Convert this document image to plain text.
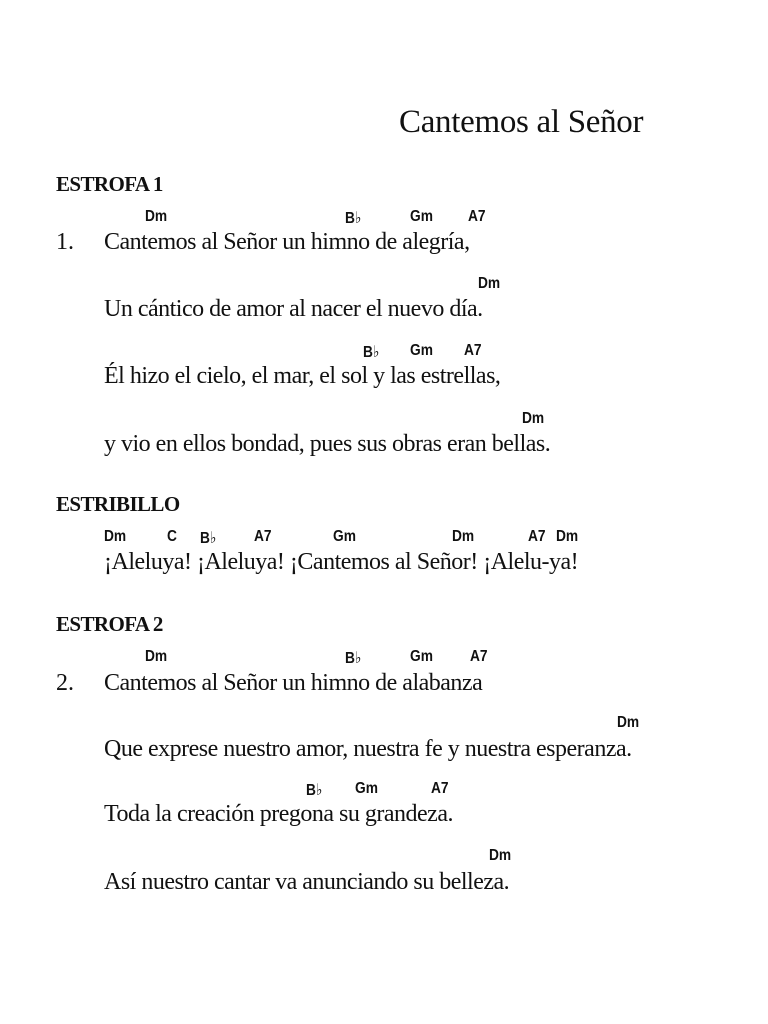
Cantemos al Señor
ESTROFA 1
Dm	B♭	Gm A7
1. Cantemos al Señor un himno de alegría,
Dm
Un cántico de amor al nacer el nuevo día.
B♭ Gm A7
Él hizo el cielo, el mar, el sol y las estrellas,
Dm
y vio en ellos bondad, pues sus obras eran bellas.
ESTRIBILLO
Dm	C B♭ A7	Gm	Dm	A7 Dm
¡Aleluya! ¡Aleluya! ¡Cantemos al Señor! ¡Alelu-ya!
ESTROFA 2
Dm	B♭	Gm A7
2. Cantemos al Señor un himno de alabanza
Dm
Que exprese nuestro amor, nuestra fe y nuestra esperanza.
B♭ Gm	A7
Toda la creación pregona su grandeza.
Dm
Así nuestro cantar va anunciando su belleza.
